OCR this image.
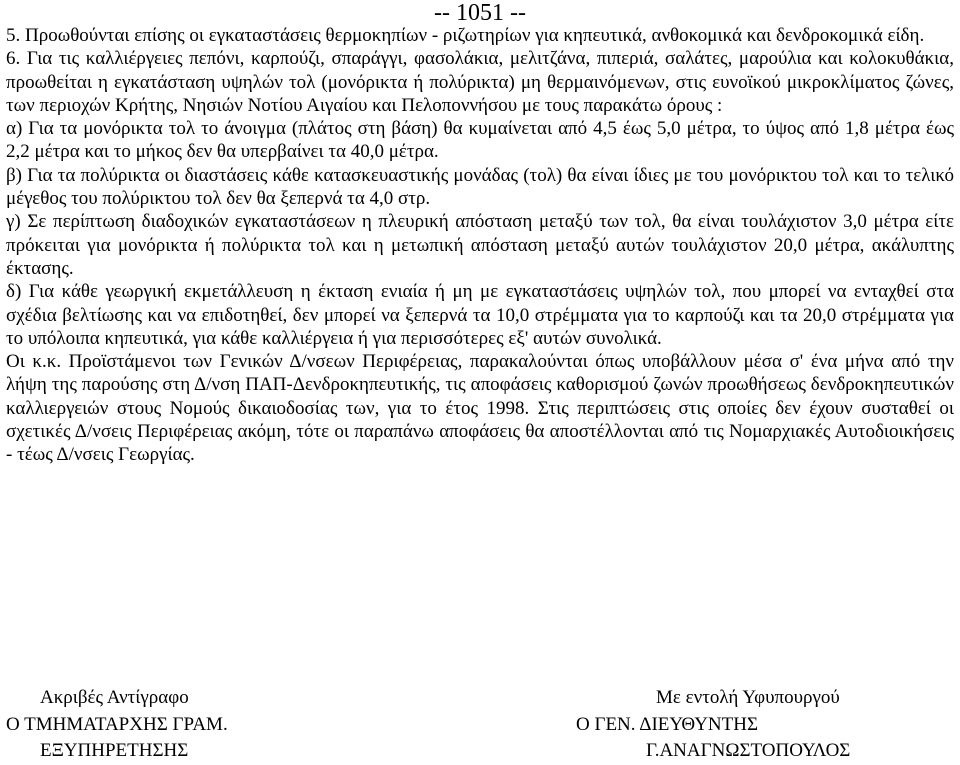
-- 1051 --

5. Προωθούνται επίσης οι εγκαταστάσεις θερμοκηπίων - ριζωτηρίων για κηπευτικά, ανθοκομικά και δενδροκομικά είδη.

6. Για τις καλλιέργειες πεπόνι, καρπούζι, σπαράγγι, φασολάκια, μελιτζάνα, πιπεριά, σαλάτες, μαρούλια και κολοκυθάκια, προωθείται η εγκατάσταση υψηλών τολ (μονόρικτα ή πολύρικτα) μη θερμαινόμενων, στις ευνοϊκού μικροκλίματος ζώνες, των περιοχών Κρήτης, Νησιών Νοτίου Αιγαίου και Πελοποννήσου με τους παρακάτω όρους :

α) Για τα μονόρικτα τολ το άνοιγμα (πλάτος στη βάση) θα κυμαίνεται από 4,5 έως 5,0 μέτρα, το ύψος από 1,8 μέτρα έως 2,2 μέτρα και το μήκος δεν θα υπερβαίνει τα 40,0 μέτρα.

β) Για τα πολύρικτα οι διαστάσεις κάθε κατασκευαστικής μονάδας (τολ) θα είναι ίδιες με του μονόρικτου τολ και το τελικό μέγεθος του πολύρικτου τολ δεν θα ξεπερνά τα 4,0 στρ.

γ) Σε περίπτωση διαδοχικών εγκαταστάσεων η πλευρική απόσταση μεταξύ των τολ, θα είναι τουλάχιστον 3,0 μέτρα είτε πρόκειται για μονόρικτα ή πολύρικτα τολ και η μετωπική απόσταση μεταξύ αυτών τουλάχιστον 20,0 μέτρα, ακάλυπτης έκτασης.

δ) Για κάθε γεωργική εκμετάλλευση η έκταση ενιαία ή μη με εγκαταστάσεις υψηλών τολ, που μπορεί να ενταχθεί στα σχέδια βελτίωσης και να επιδοτηθεί, δεν μπορεί να ξεπερνά τα 10,0 στρέμματα για το καρπούζι και τα 20,0 στρέμματα για το υπόλοιπα κηπευτικά, για κάθε καλλιέργεια ή για περισσότερες εξ' αυτών συνολικά.

Οι κ.κ. Προϊστάμενοι των Γενικών Δ/νσεων Περιφέρειας, παρακαλούνται όπως υποβάλλουν μέσα σ' ένα μήνα από την λήψη της παρούσης στη Δ/νση ΠΑΠ-Δενδροκηπευτικής, τις αποφάσεις καθορισμού ζωνών προωθήσεως δενδροκηπευτικών καλλιεργειών στους Νομούς δικαιοδοσίας των, για το έτος 1998. Στις περιπτώσεις στις οποίες δεν έχουν συσταθεί οι σχετικές Δ/νσεις Περιφέρειας ακόμη, τότε οι παραπάνω αποφάσεις θα αποστέλλονται από τις Νομαρχιακές Αυτοδιοικήσεις - τέως Δ/νσεις Γεωργίας.

Ακριβές Αντίγραφο
Ο ΤΜΗΜΑΤΑΡΧΗΣ ΓΡΑΜ.
ΕΞΥΠΗΡΕΤΗΣΗΣ
Με εντολή Υφυπουργού
Ο ΓΕΝ. ΔΙΕΥΘΥΝΤΗΣ
Γ.ΑΝΑΓΝΩΣΤΟΠΟΥΛΟΣ
